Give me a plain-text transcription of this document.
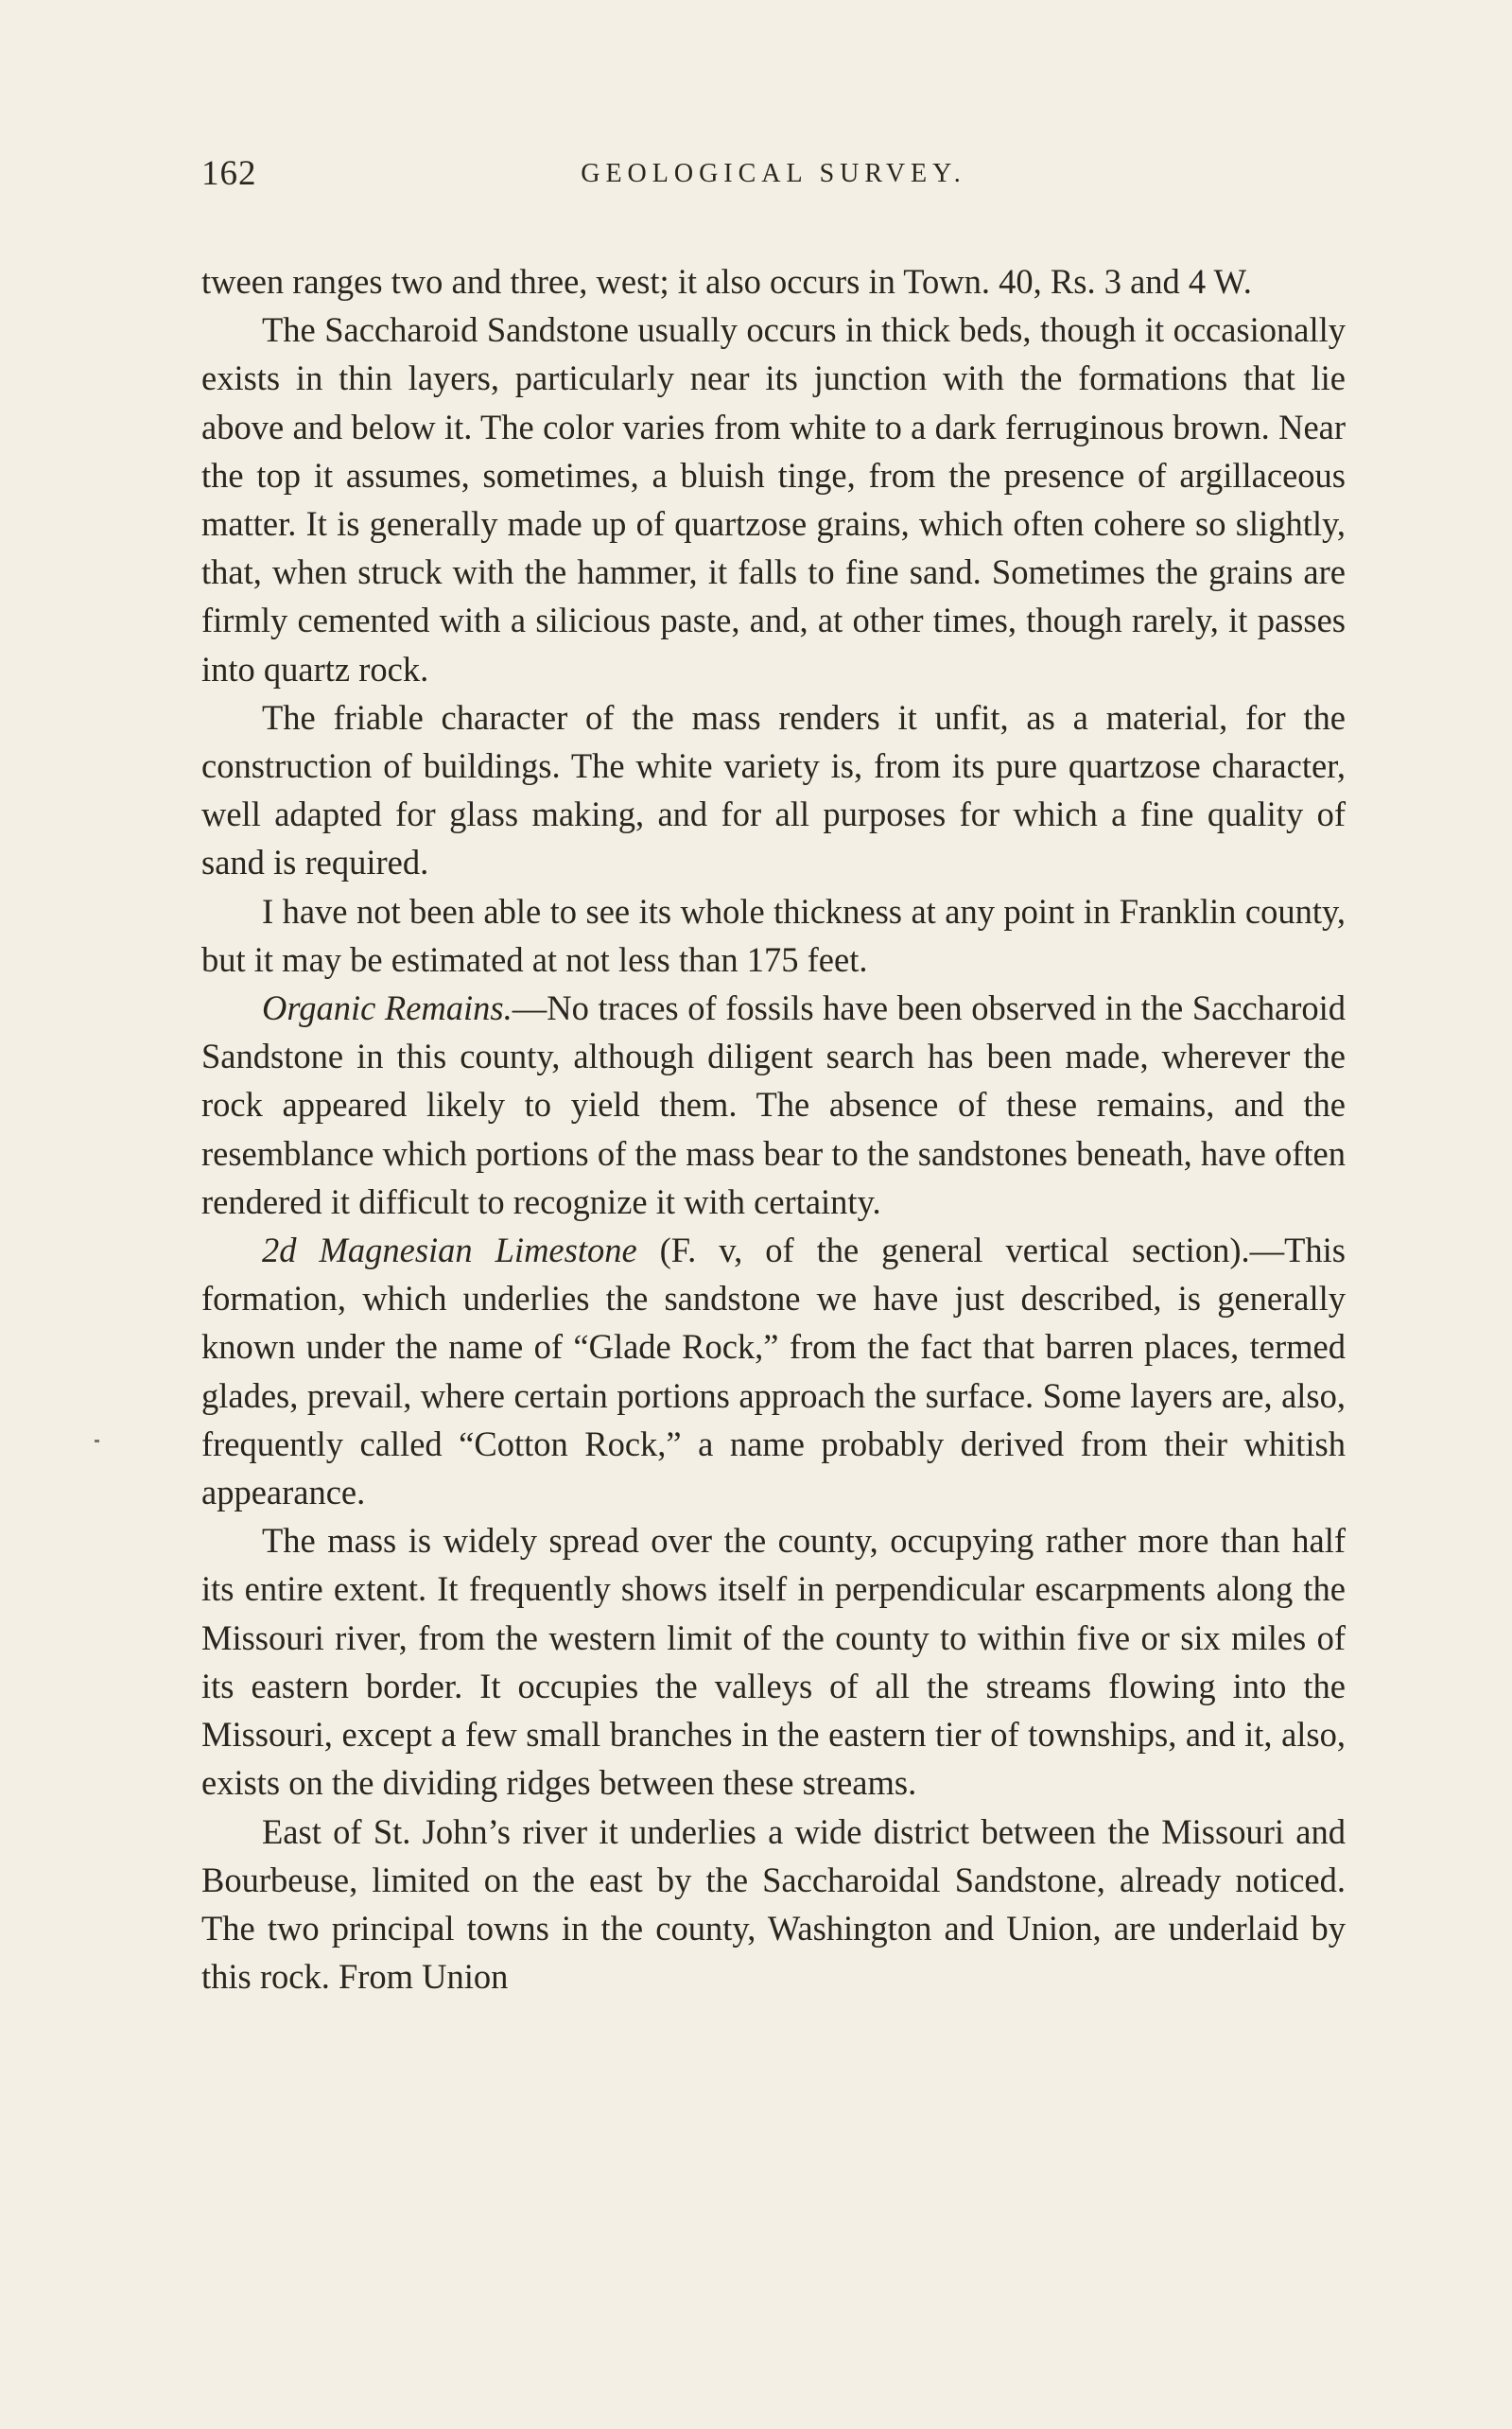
162	GEOLOGICAL SURVEY.

tween ranges two and three, west; it also occurs in Town. 40, Rs. 3 and 4 W.

The Saccharoid Sandstone usually occurs in thick beds, though it occasionally exists in thin layers, particularly near its junction with the formations that lie above and below it. The color varies from white to a dark ferruginous brown. Near the top it assumes, sometimes, a bluish tinge, from the presence of argillaceous matter. It is generally made up of quartzose grains, which often cohere so slightly, that, when struck with the hammer, it falls to fine sand. Sometimes the grains are firmly cemented with a silicious paste, and, at other times, though rarely, it passes into quartz rock.

The friable character of the mass renders it unfit, as a material, for the construction of buildings. The white variety is, from its pure quartzose character, well adapted for glass making, and for all purposes for which a fine quality of sand is required.

I have not been able to see its whole thickness at any point in Franklin county, but it may be estimated at not less than 175 feet.

Organic Remains.—No traces of fossils have been observed in the Saccharoid Sandstone in this county, although diligent search has been made, wherever the rock appeared likely to yield them. The absence of these remains, and the resemblance which portions of the mass bear to the sandstones beneath, have often rendered it difficult to recognize it with certainty.

2d Magnesian Limestone (F. v, of the general vertical section).—This formation, which underlies the sandstone we have just described, is generally known under the name of “Glade Rock,” from the fact that barren places, termed glades, prevail, where certain portions approach the surface. Some layers are, also, frequently called “Cotton Rock,” a name probably derived from their whitish appearance.

The mass is widely spread over the county, occupying rather more than half its entire extent. It frequently shows itself in perpendicular escarpments along the Missouri river, from the western limit of the county to within five or six miles of its eastern border. It occupies the valleys of all the streams flowing into the Missouri, except a few small branches in the eastern tier of townships, and it, also, exists on the dividing ridges between these streams.

East of St. John’s river it underlies a wide district between the Missouri and Bourbeuse, limited on the east by the Saccharoidal Sandstone, already noticed. The two principal towns in the county, Washington and Union, are underlaid by this rock. From Union
